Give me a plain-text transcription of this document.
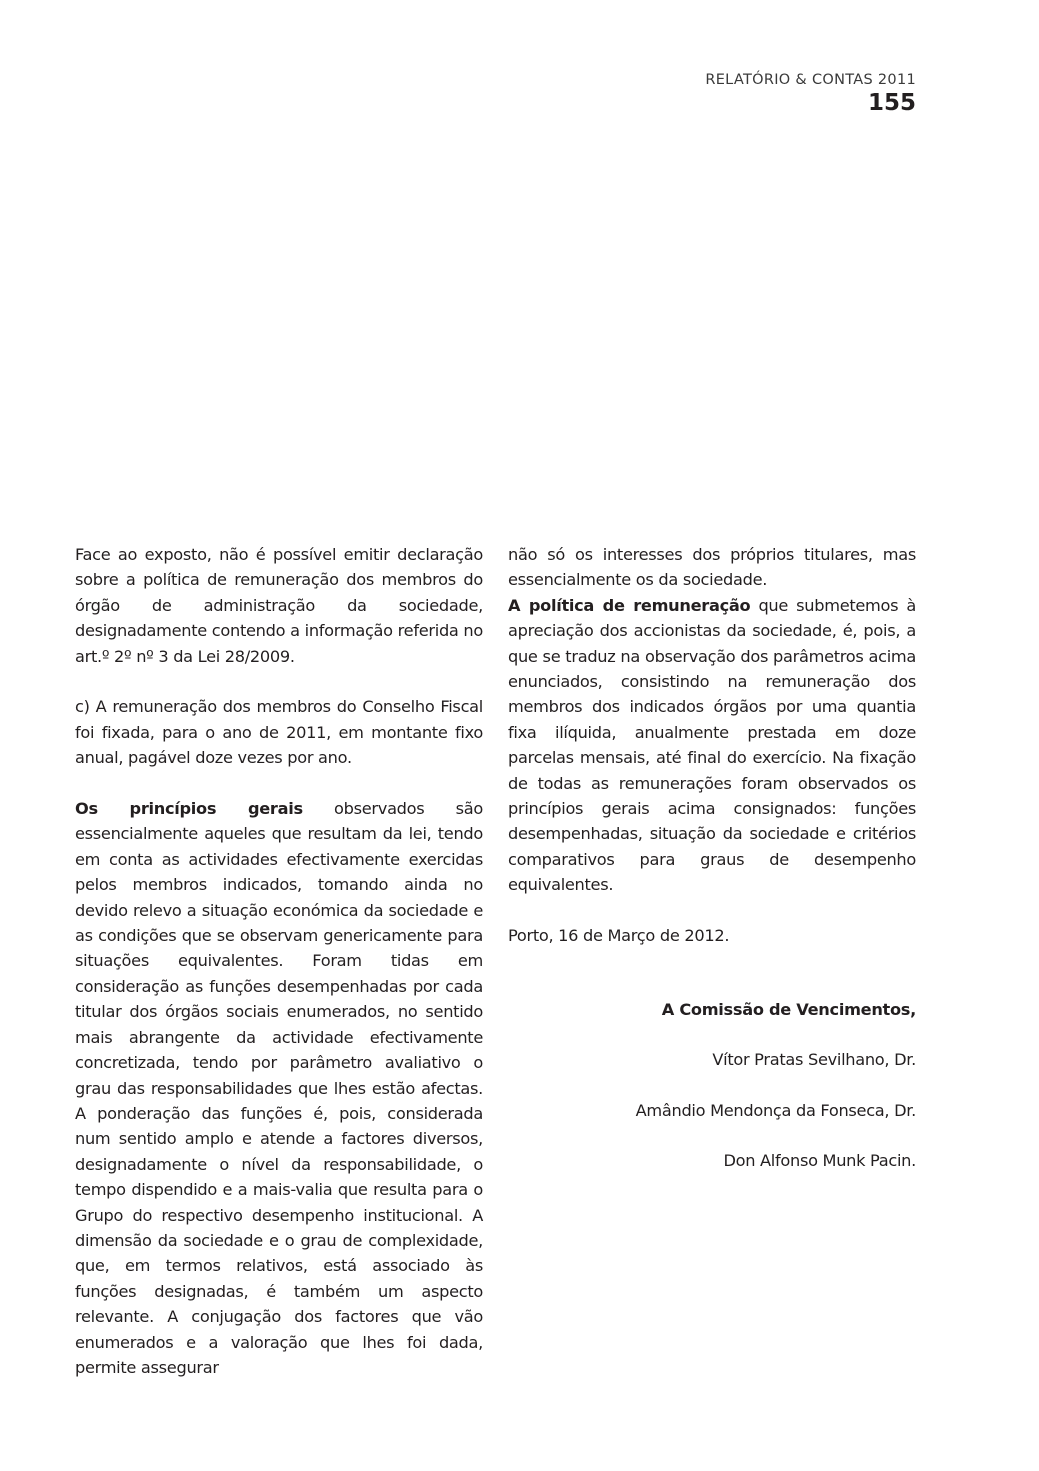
RELATÓRIO & CONTAS 2011
155

Face ao exposto, não é possível emitir declaração sobre a política de remuneração dos membros do órgão de administração da sociedade, designadamente contendo a informação referida no art.º 2º nº 3 da Lei 28/2009.

c) A remuneração dos membros do Conselho Fiscal foi fixada, para o ano de 2011, em montante fixo anual, pagável doze vezes por ano.

Os princípios gerais observados são essencialmente aqueles que resultam da lei, tendo em conta as actividades efectivamente exercidas pelos membros indicados, tomando ainda no devido relevo a situação económica da sociedade e as condições que se observam genericamente para situações equivalentes. Foram tidas em consideração as funções desempenhadas por cada titular dos órgãos sociais enumerados, no sentido mais abrangente da actividade efectivamente concretizada, tendo por parâmetro avaliativo o grau das responsabilidades que lhes estão afectas. A ponderação das funções é, pois, considerada num sentido amplo e atende a factores diversos, designadamente o nível da responsabilidade, o tempo dispendido e a mais-valia que resulta para o Grupo do respectivo desempenho institucional. A dimensão da sociedade e o grau de complexidade, que, em termos relativos, está associado às funções designadas, é também um aspecto relevante. A conjugação dos factores que vão enumerados e a valoração que lhes foi dada, permite assegurar

não só os interesses dos próprios titulares, mas essencialmente os da sociedade.

A política de remuneração que submetemos à apreciação dos accionistas da sociedade, é, pois, a que se traduz na observação dos parâmetros acima enunciados, consistindo na remuneração dos membros dos indicados órgãos por uma quantia fixa ilíquida, anualmente prestada em doze parcelas mensais, até final do exercício. Na fixação de todas as remunerações foram observados os princípios gerais acima consignados: funções desempenhadas, situação da sociedade e critérios comparativos para graus de desempenho equivalentes.

Porto, 16 de Março de 2012.

A Comissão de Vencimentos,
Vítor Pratas Sevilhano, Dr.
Amândio Mendonça da Fonseca, Dr.
Don Alfonso Munk Pacin.
